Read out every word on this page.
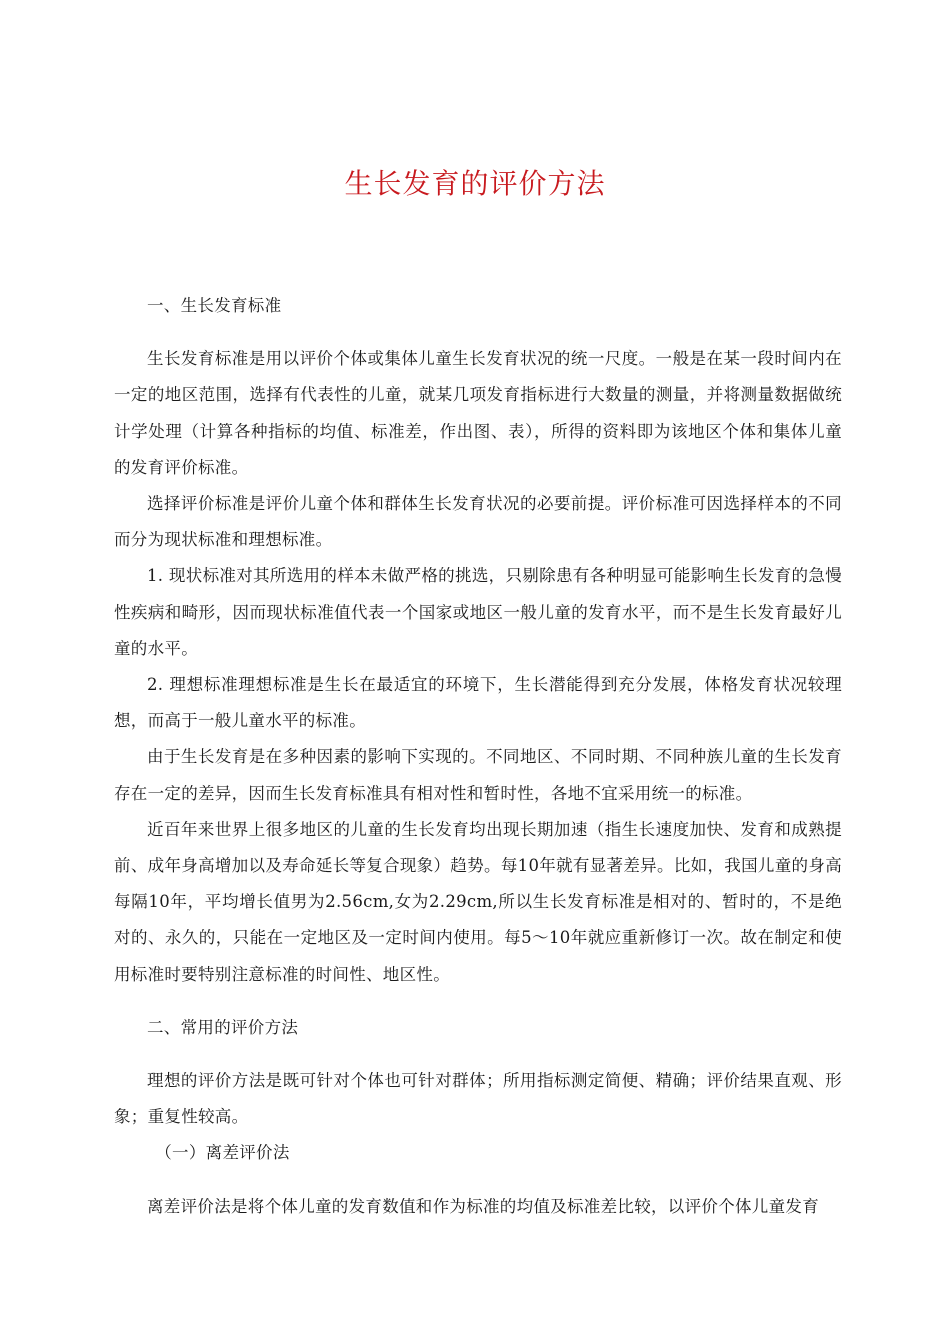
生长发育的评价方法

一、生长发育标准

生长发育标准是用以评价个体或集体儿童生长发育状况的统一尺度。一般是在某一段时间内在一定的地区范围，选择有代表性的儿童，就某几项发育指标进行大数量的测量，并将测量数据做统计学处理（计算各种指标的均值、标准差，作出图、表），所得的资料即为该地区个体和集体儿童的发育评价标准。

选择评价标准是评价儿童个体和群体生长发育状况的必要前提。评价标准可因选择样本的不同而分为现状标准和理想标准。

1. 现状标准对其所选用的样本未做严格的挑选，只剔除患有各种明显可能影响生长发育的急慢性疾病和畸形，因而现状标准值代表一个国家或地区一般儿童的发育水平，而不是生长发育最好儿童的水平。

2. 理想标准理想标准是生长在最适宜的环境下，生长潜能得到充分发展，体格发育状况较理想，而高于一般儿童水平的标准。

由于生长发育是在多种因素的影响下实现的。不同地区、不同时期、不同种族儿童的生长发育存在一定的差异，因而生长发育标准具有相对性和暂时性，各地不宜采用统一的标准。

近百年来世界上很多地区的儿童的生长发育均出现长期加速（指生长速度加快、发育和成熟提前、成年身高增加以及寿命延长等复合现象）趋势。每10年就有显著差异。比如，我国儿童的身高每隔10年，平均增长值男为2.56cm,女为2.29cm,所以生长发育标准是相对的、暂时的，不是绝对的、永久的，只能在一定地区及一定时间内使用。每5～10年就应重新修订一次。故在制定和使用标准时要特别注意标准的时间性、地区性。

二、常用的评价方法

理想的评价方法是既可针对个体也可针对群体；所用指标测定简便、精确；评价结果直观、形象；重复性较高。

（一）离差评价法

离差评价法是将个体儿童的发育数值和作为标准的均值及标准差比较，以评价个体儿童发育
